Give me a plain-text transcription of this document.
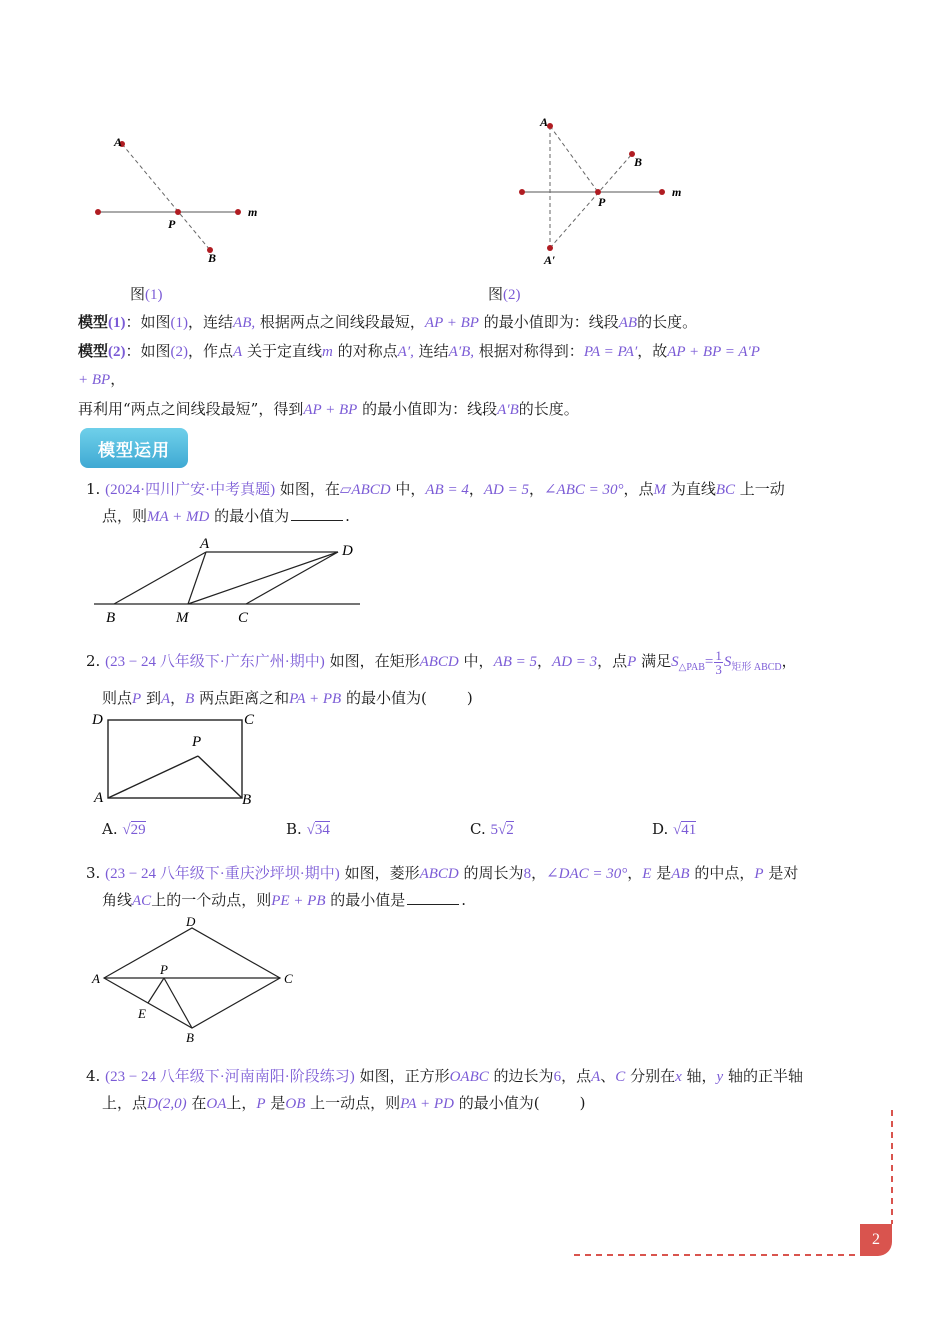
A
P
B
m
图(1)
A
B
P
m
A′
图(2)
模型(1)：如图(1)，连结AB, 根据两点之间线段最短，AP + BP 的最小值即为：线段AB的长度。
模型(2)：如图(2)，作点A 关于定直线m 的对称点A′, 连结A′B, 根据对称得到：PA = PA′，故AP + BP = A′P
+ BP，
再利用“两点之间线段最短”，得到AP + BP 的最小值即为：线段A′B的长度。
模型运用
1. (2024·四川广安·中考真题) 如图，在▱ABCD 中，AB = 4，AD = 5，∠ABC = 30°，点M 为直线BC 上一动
点，则MA + MD 的最小值为	.
A	D
B	M	C
2. (23 − 24 八年级下·广东广州·期中) 如图，在矩形ABCD 中，AB = 5，AD = 3，点P 满足$S_{\triangle PAB}= \frac{1}{3} S_{矩形 ABCD}$，
则点P 到A，B 两点距离之和PA + PB 的最小值为(	)
D	C
P
A	B
A. √29	B. √34	C. 5√2	D. √41
3. (23 − 24 八年级下·重庆沙坪坝·期中) 如图，菱形ABCD 的周长为8，∠DAC = 30°，E 是AB 的中点，P 是对
角线AC上的一个动点，则PE + PB 的最小值是	.
D
A
P
C
E
B
4. (23 − 24 八年级下·河南南阳·阶段练习) 如图，正方形OABC 的边长为6，点A、C 分别在x 轴，y 轴的正半轴
上，点D(2,0) 在OA上，P 是OB 上一动点，则PA + PD 的最小值为(	)
2
